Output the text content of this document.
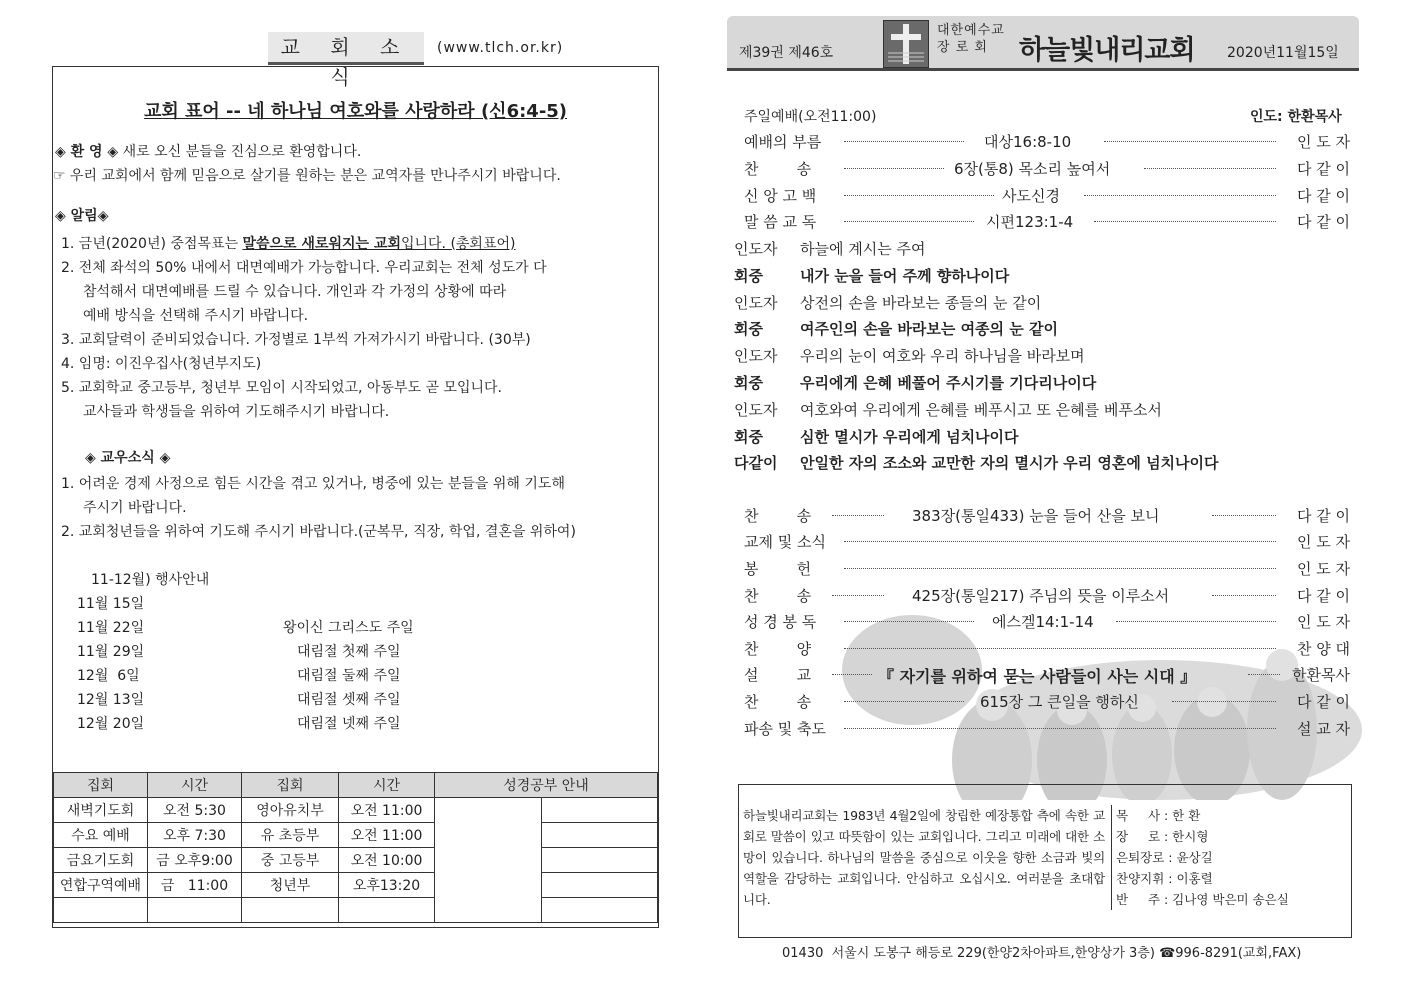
교 회 소 식
(www.tlch.or.kr)
교회 표어 -- 네 하나님 여호와를 사랑하라 (신6:4-5)
◈ 환 영 ◈ 새로 오신 분들을 진심으로 환영합니다.
☞ 우리 교회에서 함께 믿음으로 살기를 원하는 분은 교역자를 만나주시기 바랍니다.
◈ 알림◈
1. 금년(2020년) 중점목표는 말씀으로 새로워지는 교회입니다. (총회표어)
2. 전체 좌석의 50% 내에서 대면예배가 가능합니다. 우리교회는 전체 성도가 다
참석해서 대면예배를 드릴 수 있습니다. 개인과 각 가정의 상황에 따라
예배 방식을 선택해 주시기 바랍니다.
3. 교회달력이 준비되었습니다. 가정별로 1부씩 가져가시기 바랍니다. (30부)
4. 임명: 이진우집사(청년부지도)
5. 교회학교 중고등부, 청년부 모임이 시작되었고, 아동부도 곧 모입니다.
교사들과 학생들을 위하여 기도해주시기 바랍니다.
◈ 교우소식 ◈
1. 어려운 경제 사정으로 힘든 시간을 겪고 있거나, 병중에 있는 분들을 위해 기도해
주시기 바랍니다.
2. 교회청년들을 위하여 기도해 주시기 바랍니다.(군복무, 직장, 학업, 결혼을 위하여)
11-12월) 행사안내
11월 15일
11월 22일	왕이신 그리스도 주일
11월 29일	대림절 첫째 주일
12월  6일	대림절 둘째 주일
12월 13일	대림절 셋째 주일
12월 20일	대림절 넷째 주일
집회	시간	집회	시간	성경공부 안내	
새벽기도회	오전 5:30	영아유치부	오전 11:00		
수요 예배	오후 7:30	유 초등부	오전 11:00		
금요기도회	금 오후9:00	중 고등부	오전 10:00		
연합구역예배	금   11:00	청년부	오후13:20		

제39권 제46호
대한예수교
장 로 회	하늘빛내리교회 2020년11월15일
주일예배(오전11:00)	인도: 한환목사
예배의 부름	대상16:8-10	인 도 자
찬        송	6장(통8) 목소리 높여서	다 같 이
신 앙 고 백	사도신경	다 같 이
말 씀 교 독	시편123:1-4	다 같 이
인도자 하늘에 계시는 주여
회중 내가 눈을 들어 주께 향하나이다
인도자 상전의 손을 바라보는 종들의 눈 같이
회중 여주인의 손을 바라보는 여종의 눈 같이
인도자 우리의 눈이 여호와 우리 하나님을 바라보며
회중 우리에게 은혜 베풀어 주시기를 기다리나이다
인도자 여호와여 우리에게 은혜를 베푸시고 또 은혜를 베푸소서
회중 심한 멸시가 우리에게 넘치나이다
다같이 안일한 자의 조소와 교만한 자의 멸시가 우리 영혼에 넘치나이다
찬        송	383장(통일433) 눈을 들어 산을 보니	다 같 이
교제 및 소식	인 도 자
봉        헌	인 도 자
찬        송	425장(통일217) 주님의 뜻을 이루소서	다 같 이
성 경 봉 독	에스겔14:1-14	인 도 자
찬        양	찬 양 대
설        교	『 자기를 위하여 묻는 사람들이 사는 시대 』	한환목사
찬        송	615장 그 큰일을 행하신	다 같 이
파송 및 축도	설 교 자
하늘빛내리교회는 1983년 4월2일에 창립한 예장통합 측에 속한 교회로 말씀이 있고 따뜻함이 있는 교회입니다. 그리고 미래에 대한 소망이 있습니다. 하나님의 말씀을 중심으로 이웃을 향한 소금과 빛의 역할을 감당하는 교회입니다. 안심하고 오십시오. 여러분을 초대합니다.
목     사 : 한 환
장     로 : 한시형
은퇴장로 : 윤상길
찬양지휘 : 이홍렬
반     주 : 김나영 박은미 송은실
01430  서울시 도봉구 해등로 229(한양2차아파트,한양상가 3층) ☎996-8291(교회,FAX)
